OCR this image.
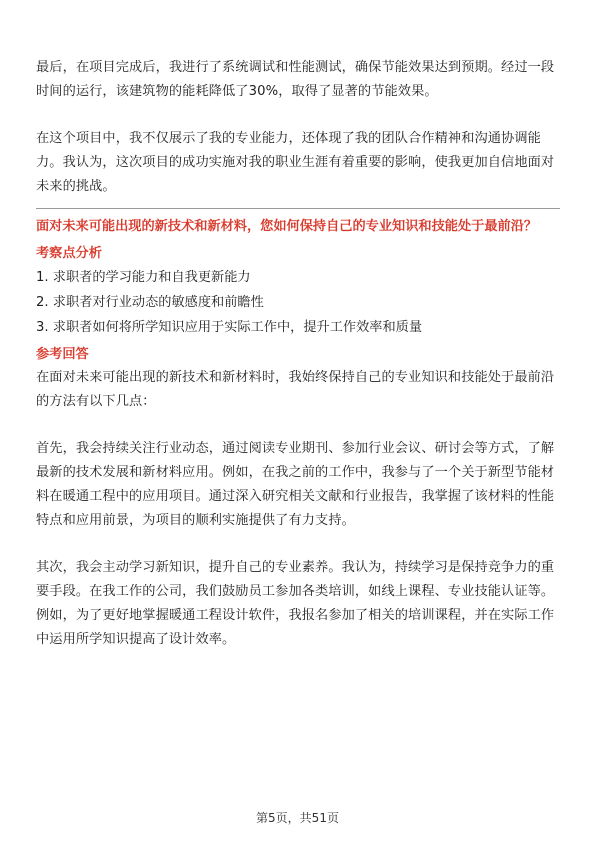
最后，在项目完成后，我进行了系统调试和性能测试，确保节能效果达到预期。经过一段时间的运行，该建筑物的能耗降低了30%，取得了显著的节能效果。

在这个项目中，我不仅展示了我的专业能力，还体现了我的团队合作精神和沟通协调能力。我认为，这次项目的成功实施对我的职业生涯有着重要的影响，使我更加自信地面对未来的挑战。

面对未来可能出现的新技术和新材料，您如何保持自己的专业知识和技能处于最前沿？

考察点分析

1. 求职者的学习能力和自我更新能力
2. 求职者对行业动态的敏感度和前瞻性
3. 求职者如何将所学知识应用于实际工作中，提升工作效率和质量

参考回答

在面对未来可能出现的新技术和新材料时，我始终保持自己的专业知识和技能处于最前沿的方法有以下几点：

首先，我会持续关注行业动态，通过阅读专业期刊、参加行业会议、研讨会等方式，了解最新的技术发展和新材料应用。例如，在我之前的工作中，我参与了一个关于新型节能材料在暖通工程中的应用项目。通过深入研究相关文献和行业报告，我掌握了该材料的性能特点和应用前景，为项目的顺利实施提供了有力支持。

其次，我会主动学习新知识，提升自己的专业素养。我认为，持续学习是保持竞争力的重要手段。在我工作的公司，我们鼓励员工参加各类培训，如线上课程、专业技能认证等。例如，为了更好地掌握暖通工程设计软件，我报名参加了相关的培训课程，并在实际工作中运用所学知识提高了设计效率。

第5页，共51页
